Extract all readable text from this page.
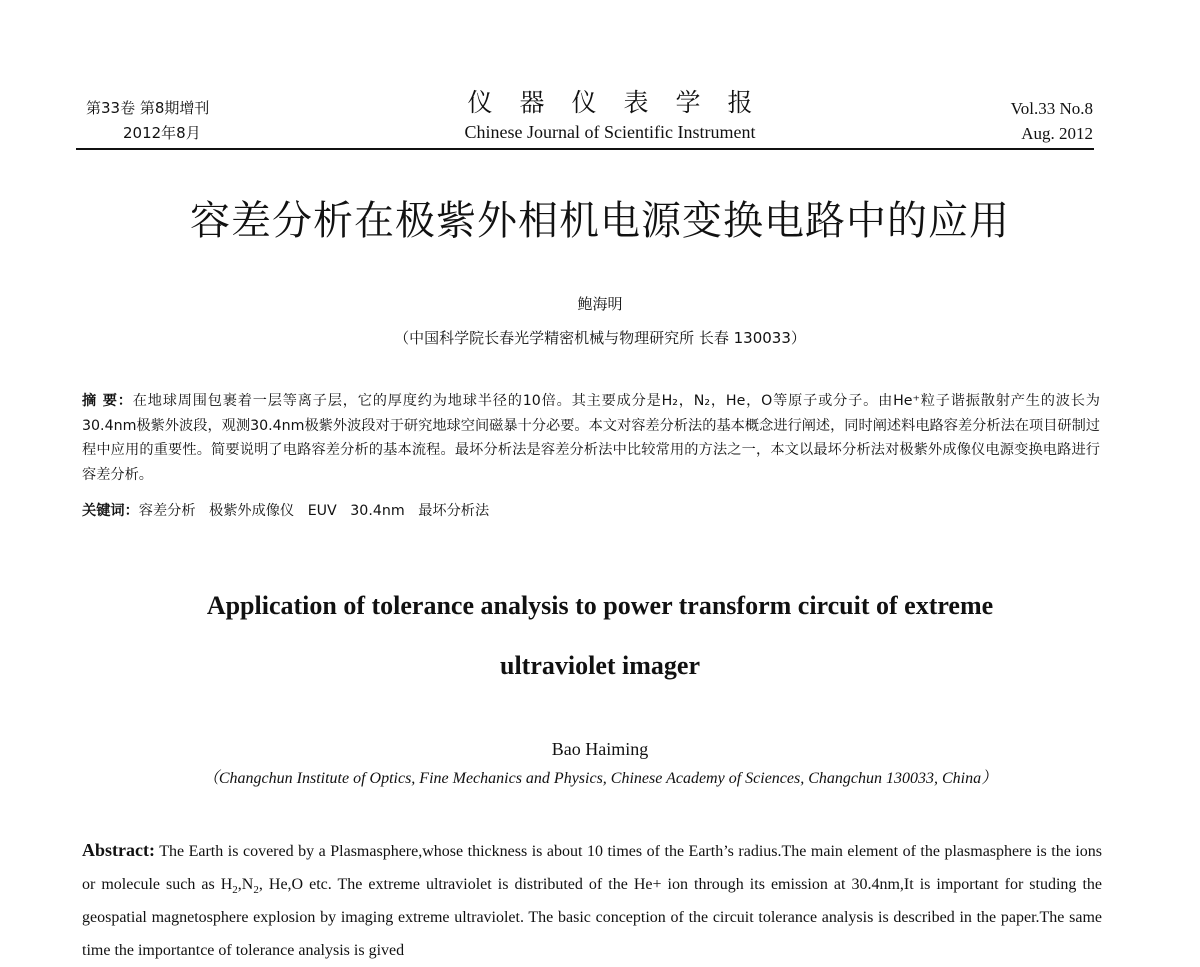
第33卷 第8期增刊
2012年8月
仪器仪表学报
Chinese Journal of Scientific Instrument
Vol.33 No.8
Aug. 2012
容差分析在极紫外相机电源变换电路中的应用
鲍海明
（中国科学院长春光学精密机械与物理研究所 长春 130033）
摘 要：在地球周围包裹着一层等离子层，它的厚度约为地球半径的10倍。其主要成分是H₂，N₂，He，O等原子或分子。由He⁺粒子谐振散射产生的波长为30.4nm极紫外波段，观测30.4nm极紫外波段对于研究地球空间磁暴十分必要。本文对容差分析法的基本概念进行阐述，同时阐述料电路容差分析法在项目研制过程中应用的重要性。简要说明了电路容差分析的基本流程。最坏分析法是容差分析法中比较常用的方法之一，本文以最坏分析法对极紫外成像仪电源变换电路进行容差分析。
关键词：容差分析   极紫外成像仪   EUV   30.4nm   最坏分析法
Application of tolerance analysis to power transform circuit of extreme
ultraviolet imager
Bao Haiming
（Changchun Institute of Optics, Fine Mechanics and Physics, Chinese Academy of Sciences, Changchun 130033, China）
Abstract: The Earth is covered by a Plasmasphere,whose thickness is about 10 times of the Earth’s radius.The main element of the plasmasphere is the ions or molecule such as $H_2,N_2$, He,O etc. The extreme ultraviolet is distributed of the He+ ion through its emission at 30.4nm,It is important for studing the geospatial magnetosphere explosion by imaging extreme ultraviolet. The basic conception of the circuit tolerance analysis is described in the paper.The same time the importantce of tolerance analysis is gived
